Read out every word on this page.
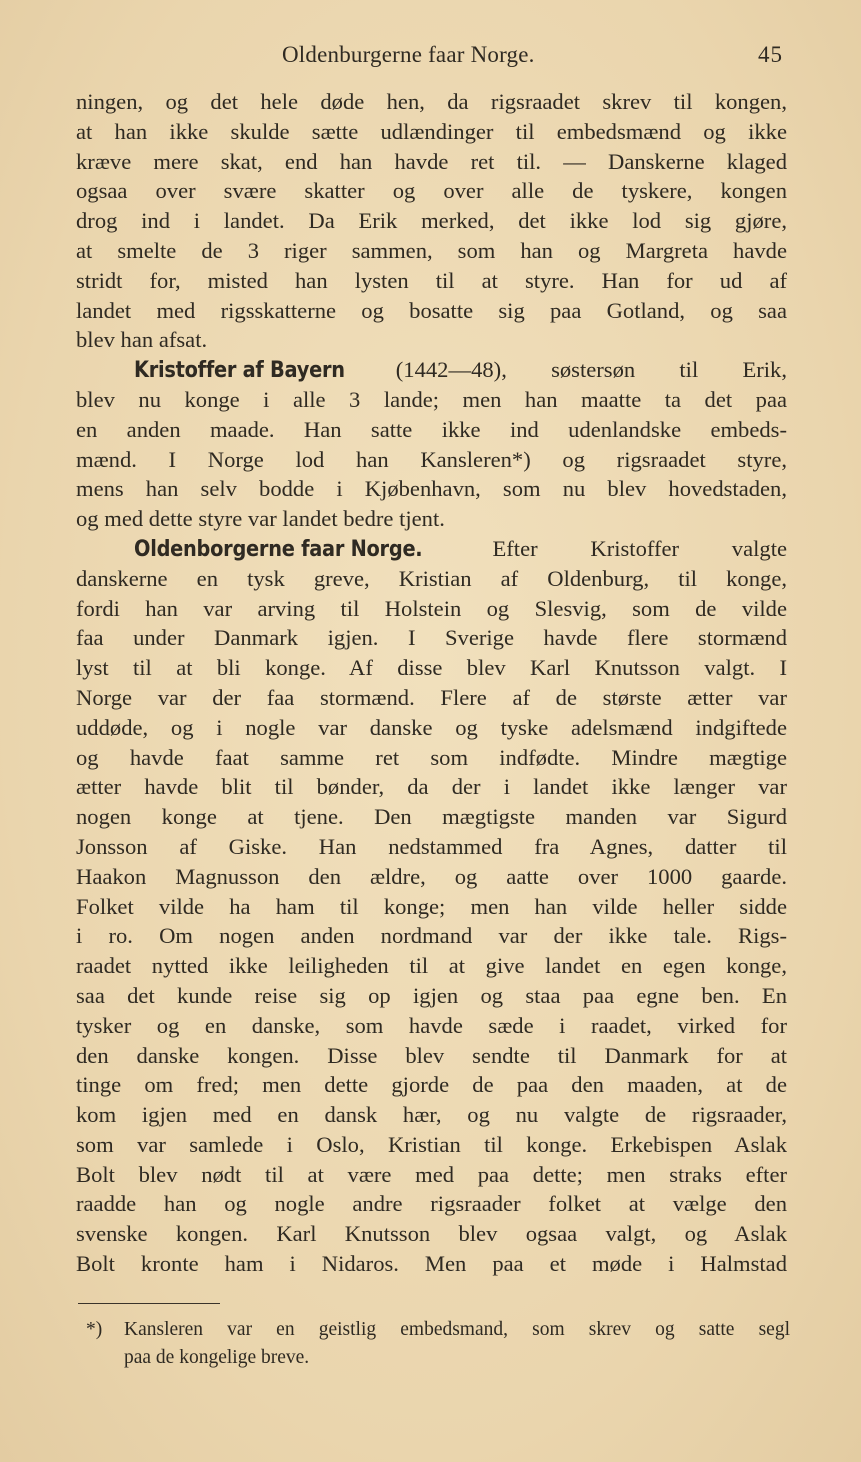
Oldenburgerne faar Norge.	45
ningen, og det hele døde hen, da rigsraadet skrev til kongen,
at han ikke skulde sætte udlændinger til embedsmænd og ikke
kræve mere skat, end han havde ret til. — Danskerne klaged
ogsaa over svære skatter og over alle de tyskere, kongen
drog ind i landet. Da Erik merked, det ikke lod sig gjøre,
at smelte de 3 riger sammen, som han og Margreta havde
stridt for, misted han lysten til at styre. Han for ud af
landet med rigsskatterne og bosatte sig paa Gotland, og saa
blev han afsat.
Kristoffer af Bayern (1442—48), søstersøn til Erik,
blev nu konge i alle 3 lande; men han maatte ta det paa
en anden maade. Han satte ikke ind udenlandske embeds-
mænd. I Norge lod han Kansleren*) og rigsraadet styre,
mens han selv bodde i Kjøbenhavn, som nu blev hovedstaden,
og med dette styre var landet bedre tjent.
Oldenborgerne faar Norge.	Efter Kristoffer valgte
danskerne en tysk greve, Kristian af Oldenburg, til konge,
fordi han var arving til Holstein og Slesvig, som de vilde
faa under Danmark igjen. I Sverige havde flere stormænd
lyst til at bli konge. Af disse blev Karl Knutsson valgt. I
Norge var der faa stormænd. Flere af de største ætter var
uddøde, og i nogle var danske og tyske adelsmænd indgiftede
og havde faat samme ret som indfødte. Mindre mægtige
ætter havde blit til bønder, da der i landet ikke længer var
nogen konge at tjene. Den mægtigste manden var Sigurd
Jonsson af Giske. Han nedstammed fra Agnes, datter til
Haakon Magnusson den ældre, og aatte over 1000 gaarde.
Folket vilde ha ham til konge; men han vilde heller sidde
i ro. Om nogen anden nordmand var der ikke tale. Rigs-
raadet nytted ikke leiligheden til at give landet en egen konge,
saa det kunde reise sig op igjen og staa paa egne ben. En
tysker og en danske, som havde sæde i raadet, virked for
den danske kongen. Disse blev sendte til Danmark for at
tinge om fred; men dette gjorde de paa den maaden, at de
kom igjen med en dansk hær, og nu valgte de rigsraader,
som var samlede i Oslo, Kristian til konge. Erkebispen Aslak
Bolt blev nødt til at være med paa dette; men straks efter
raadde han og nogle andre rigsraader folket at vælge den
svenske kongen. Karl Knutsson blev ogsaa valgt, og Aslak
Bolt kronte ham i Nidaros. Men paa et møde i Halmstad
*) Kansleren var en geistlig embedsmand, som skrev og satte segl
paa de kongelige breve.
